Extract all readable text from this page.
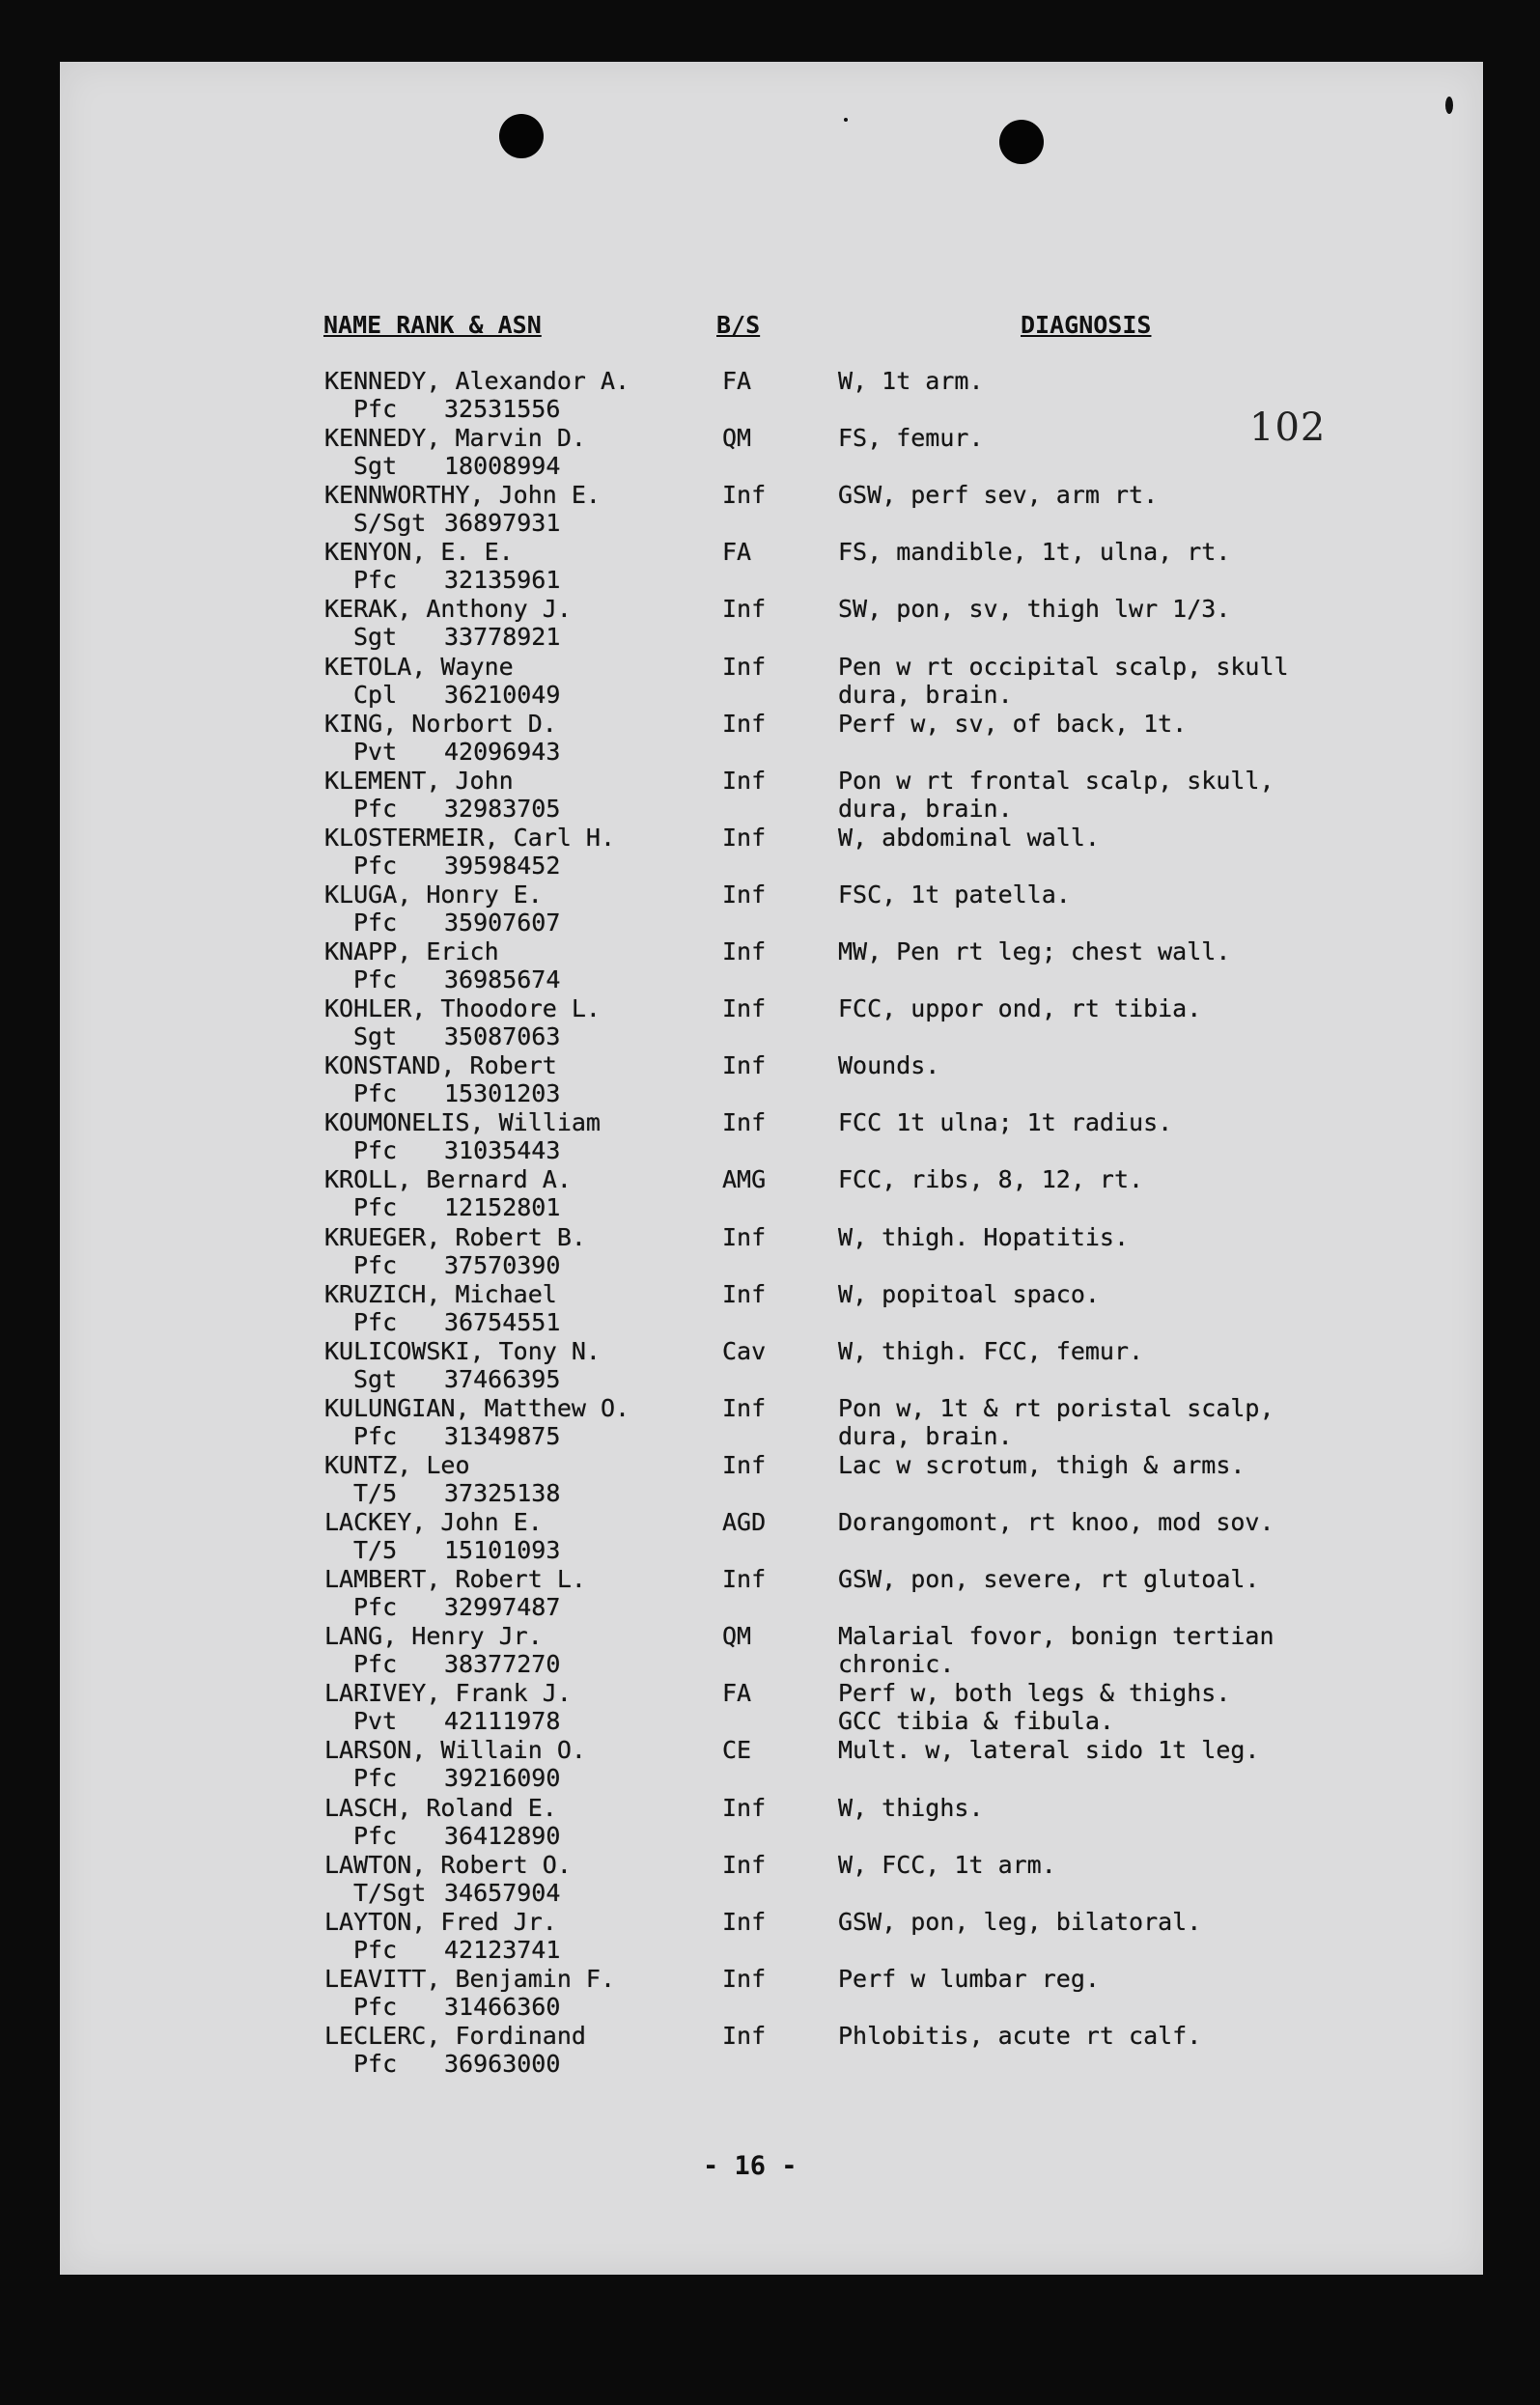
NAME RANK & ASN	B/S	DIAGNOSIS
102
KENNEDY, Alexandor A.
Pfc 32531556
FA	W, 1t arm.
KENNEDY, Marvin D.
Sgt 18008994
QM	FS, femur.
KENNWORTHY, John E.
S/Sgt 36897931
Inf	GSW, perf sev, arm rt.
KENYON, E. E.
Pfc 32135961
FA	FS, mandible, 1t, ulna, rt.
KERAK, Anthony J.
Sgt 33778921
Inf	SW, pon, sv, thigh lwr 1/3.
KETOLA, Wayne
Cpl 36210049
Inf	Pen w rt occipital scalp, skull
dura, brain.
KING, Norbort D.
Pvt 42096943
Inf	Perf w, sv, of back, 1t.
KLEMENT, John
Pfc 32983705
Inf	Pon w rt frontal scalp, skull,
dura, brain.
KLOSTERMEIR, Carl H.
Pfc 39598452
Inf	W, abdominal wall.
KLUGA, Honry E.
Pfc 35907607
Inf	FSC, 1t patella.
KNAPP, Erich
Pfc 36985674
Inf	MW, Pen rt leg; chest wall.
KOHLER, Thoodore L.
Sgt 35087063
Inf	FCC, uppor ond, rt tibia.
KONSTAND, Robert
Pfc 15301203
Inf	Wounds.
KOUMONELIS, William
Pfc 31035443
Inf	FCC 1t ulna; 1t radius.
KROLL, Bernard A.
Pfc 12152801
AMG	FCC, ribs, 8, 12, rt.
KRUEGER, Robert B.
Pfc 37570390
Inf	W, thigh. Hopatitis.
KRUZICH, Michael
Pfc 36754551
Inf	W, popitoal spaco.
KULICOWSKI, Tony N.
Sgt 37466395
Cav	W, thigh. FCC, femur.
KULUNGIAN, Matthew O.
Pfc 31349875
Inf	Pon w, 1t & rt poristal scalp,
dura, brain.
KUNTZ, Leo
T/5 37325138
Inf	Lac w scrotum, thigh & arms.
LACKEY, John E.
T/5 15101093
AGD	Dorangomont, rt knoo, mod sov.
LAMBERT, Robert L.
Pfc 32997487
Inf	GSW, pon, severe, rt glutoal.
LANG, Henry Jr.
Pfc 38377270
QM	Malarial fovor, bonign tertian
chronic.
LARIVEY, Frank J.
Pvt 42111978
FA	Perf w, both legs & thighs.
GCC tibia & fibula.
LARSON, Willain O.
Pfc 39216090
CE	Mult. w, lateral sido 1t leg.
LASCH, Roland E.
Pfc 36412890
Inf	W, thighs.
LAWTON, Robert O.
T/Sgt 34657904
Inf	W, FCC, 1t arm.
LAYTON, Fred Jr.
Pfc 42123741
Inf	GSW, pon, leg, bilatoral.
LEAVITT, Benjamin F.
Pfc 31466360
Inf	Perf w lumbar reg.
LECLERC, Fordinand
Pfc 36963000
Inf	Phlobitis, acute rt calf.
- 16 -
